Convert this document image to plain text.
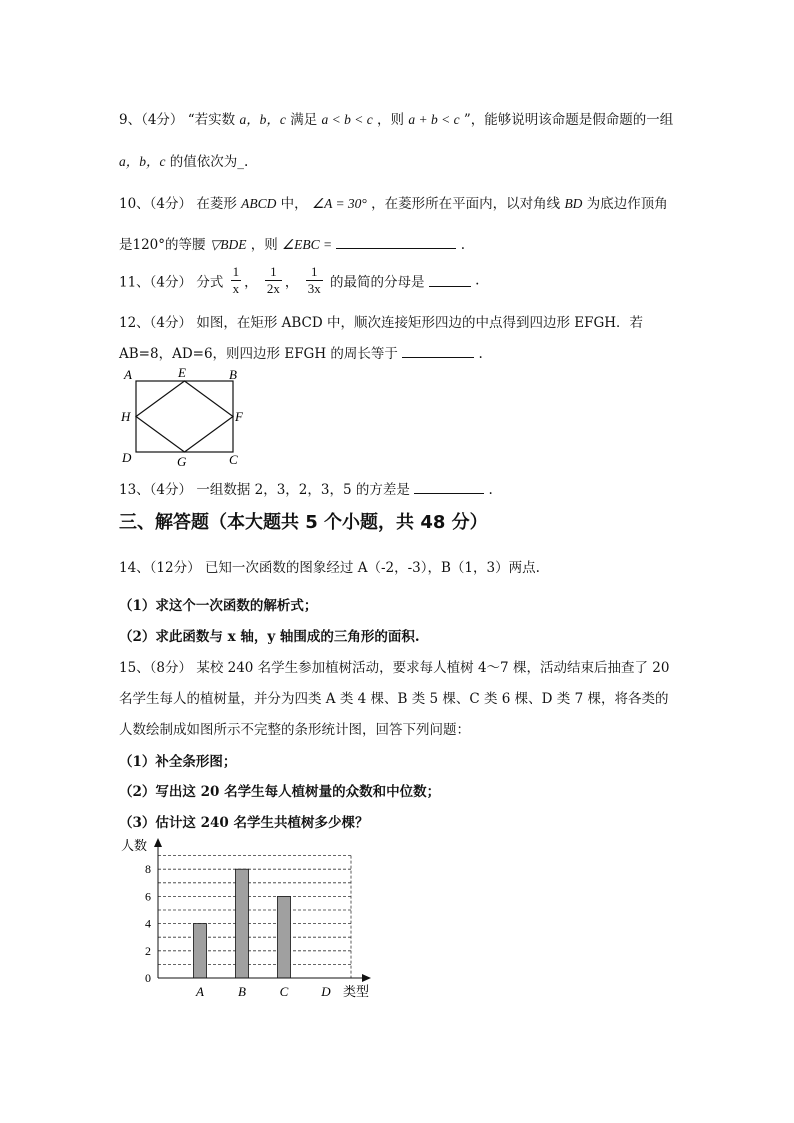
9、（4分） “若实数 a，b，c 满足 a < b < c ，则 a + b < c ”，能够说明该命题是假命题的一组
a，b，c 的值依次为_.
10、（4分） 在菱形 ABCD 中， ∠A = 30° ，在菱形所在平面内，以对角线 BD 为底边作顶角
是120°的等腰 ▽BDE ，则 ∠EBC =	.
11、（4分） 分式 $\frac{1}{x}$ ， $\frac{1}{2x}$ ， $\frac{1}{3x}$ 的最简的分母是	.
12、（4分） 如图，在矩形 ABCD 中，顺次连接矩形四边的中点得到四边形 EFGH．若
AB=8，AD=6，则四边形 EFGH 的周长等于	.
A	E	B
H	F
D	G	C
13、（4分） 一组数据 2，3，2，3，5 的方差是	.
三、解答题（本大题共 5 个小题，共 48 分）
14、（12分） 已知一次函数的图象经过 A（-2，-3），B（1，3）两点.
（1）求这个一次函数的解析式；
（2）求此函数与 x 轴，y 轴围成的三角形的面积.
15、（8分） 某校 240 名学生参加植树活动，要求每人植树 4～7 棵，活动结束后抽查了 20
名学生每人的植树量，并分为四类 A 类 4 棵、B 类 5 棵、C 类 6 棵、D 类 7 棵，将各类的
人数绘制成如图所示不完整的条形统计图，回答下列问题：
（1）补全条形图；
（2）写出这 20 名学生每人植树量的众数和中位数；
（3）估计这 240 名学生共植树多少棵？
人数
类型
0
2
4
6
8
A	B	C	D
